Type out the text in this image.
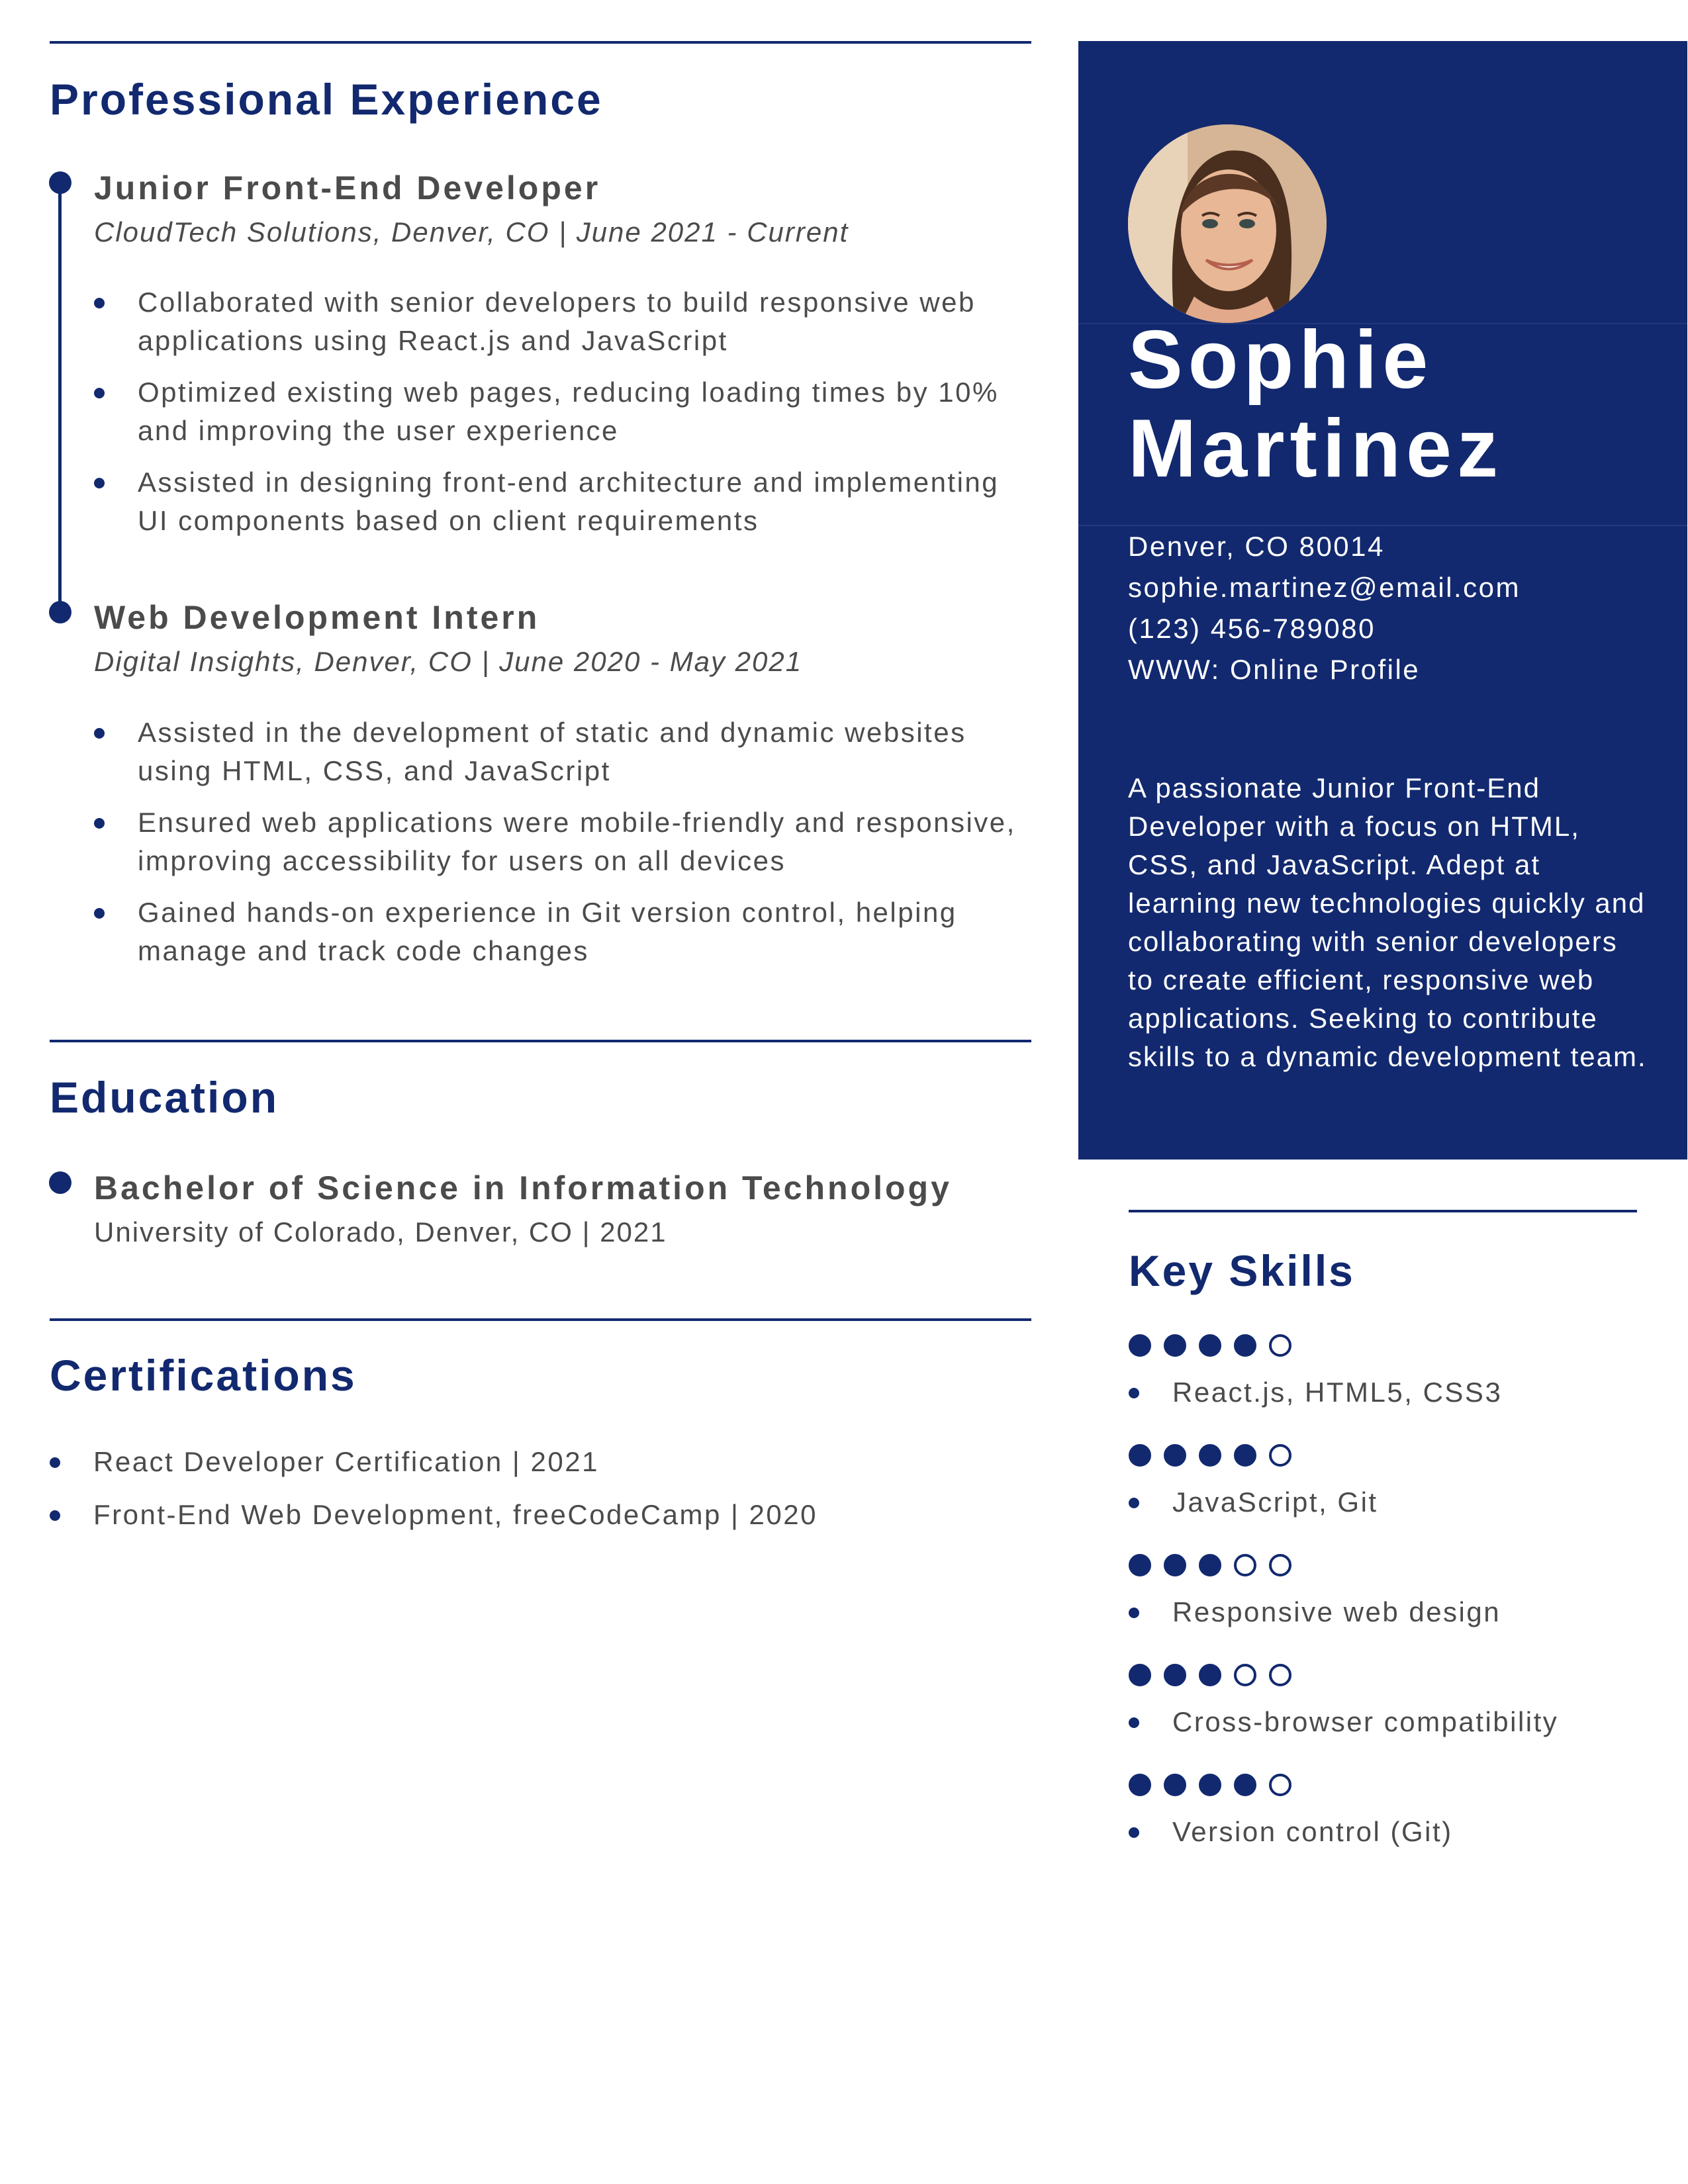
Professional Experience
Junior Front-End Developer
CloudTech Solutions, Denver, CO | June 2021 - Current
Collaborated with senior developers to build responsive web applications using React.js and JavaScript
Optimized existing web pages, reducing loading times by 10% and improving the user experience
Assisted in designing front-end architecture and implementing UI components based on client requirements
Web Development Intern
Digital Insights, Denver, CO | June 2020 - May 2021
Assisted in the development of static and dynamic websites using HTML, CSS, and JavaScript
Ensured web applications were mobile-friendly and responsive, improving accessibility for users on all devices
Gained hands-on experience in Git version control, helping manage and track code changes
Education
Bachelor of Science in Information Technology
University of Colorado, Denver, CO | 2021
Certifications
React Developer Certification | 2021
Front-End Web Development, freeCodeCamp | 2020
Sophie
Martinez
Denver, CO 80014
sophie.martinez@email.com
(123) 456-789080
WWW: Online Profile

A passionate Junior Front-End Developer with a focus on HTML, CSS, and JavaScript. Adept at learning new technologies quickly and collaborating with senior developers to create efficient, responsive web applications. Seeking to contribute skills to a dynamic development team.

Key Skills
React.js, HTML5, CSS3
JavaScript, Git
Responsive web design
Cross-browser compatibility
Version control (Git)
